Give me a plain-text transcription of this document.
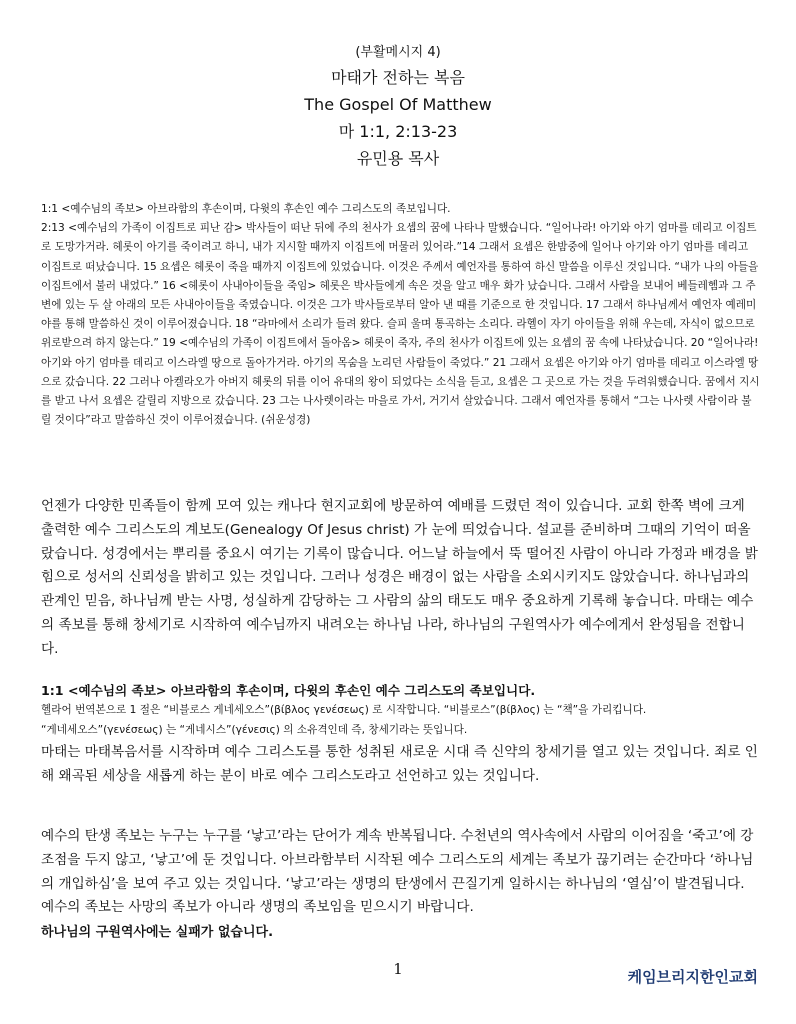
(부활메시지 4)
마태가 전하는 복음
The Gospel Of Matthew
마 1:1, 2:13-23
유민용 목사
1:1 <예수님의 족보> 아브라함의 후손이며, 다윗의 후손인 예수 그리스도의 족보입니다.
2:13 <예수님의 가족이 이집트로 피난 감> 박사들이 떠난 뒤에 주의 천사가 요셉의 꿈에 나타나 말했습니다. “일어나라! 아기와 아기 엄마를 데리고 이집트로 도망가거라. 헤롯이 아기를 죽이려고 하니, 내가 지시할 때까지 이집트에 머물러 있어라.”14 그래서 요셉은 한밤중에 일어나 아기와 아기 엄마를 데리고 이집트로 떠났습니다. 15 요셉은 헤롯이 죽을 때까지 이집트에 있었습니다. 이것은 주께서 예언자를 통하여 하신 말씀을 이루신 것입니다. “내가 나의 아들을 이집트에서 불러 내었다.” 16 <헤롯이 사내아이들을 죽임> 헤롯은 박사들에게 속은 것을 알고 매우 화가 났습니다. 그래서 사람을 보내어 베들레헴과 그 주변에 있는 두 살 아래의 모든 사내아이들을 죽였습니다. 이것은 그가 박사들로부터 알아 낸 때를 기준으로 한 것입니다. 17 그래서 하나님께서 예언자 예레미야를 통해 말씀하신 것이 이루어졌습니다. 18 “라마에서 소리가 들려 왔다. 슬피 울며 통곡하는 소리다. 라헬이 자기 아이들을 위해 우는데, 자식이 없으므로 위로받으려 하지 않는다.” 19 <예수님의 가족이 이집트에서 돌아옴> 헤롯이 죽자, 주의 천사가 이집트에 있는 요셉의 꿈 속에 나타났습니다. 20 “일어나라! 아기와 아기 엄마를 데리고 이스라엘 땅으로 돌아가거라. 아기의 목숨을 노리던 사람들이 죽었다.” 21 그래서 요셉은 아기와 아기 엄마를 데리고 이스라엘 땅으로 갔습니다. 22 그러나 아켈라오가 아버지 헤롯의 뒤를 이어 유대의 왕이 되었다는 소식을 듣고, 요셉은 그 곳으로 가는 것을 두려워했습니다. 꿈에서 지시를 받고 나서 요셉은 갈릴리 지방으로 갔습니다. 23 그는 나사렛이라는 마을로 가서, 거기서 살았습니다. 그래서 예언자를 통해서 “그는 나사렛 사람이라 불릴 것이다”라고 말씀하신 것이 이루어졌습니다. (쉬운성경)
언젠가 다양한 민족들이 함께 모여 있는 캐나다 현지교회에 방문하여 예배를 드렸던 적이 있습니다. 교회 한쪽 벽에 크게 출력한 예수 그리스도의 계보도(Genealogy Of Jesus christ) 가 눈에 띄었습니다. 설교를 준비하며 그때의 기억이 떠올랐습니다. 성경에서는 뿌리를 중요시 여기는 기록이 많습니다. 어느날 하늘에서 뚝 떨어진 사람이 아니라 가정과 배경을 밝힘으로 성서의 신뢰성을 밝히고 있는 것입니다. 그러나 성경은 배경이 없는 사람을 소외시키지도 않았습니다. 하나님과의 관계인 믿음, 하나님께 받는 사명, 성실하게 감당하는 그 사람의 삶의 태도도 매우 중요하게 기록해 놓습니다. 마태는 예수의 족보를 통해 창세기로 시작하여 예수님까지 내려오는 하나님 나라, 하나님의 구원역사가 예수에게서 완성됨을 전합니다.
1:1 <예수님의 족보> 아브라함의 후손이며, 다윗의 후손인 예수 그리스도의 족보입니다.
헬라어 번역본으로 1 절은 “비블로스 게네세오스”(βίβλος γενέσεως) 로 시작합니다. “비블로스”(βίβλος) 는 “책”을 가리킵니다.
“게네세오스”(γενέσεως) 는 “게네시스”(γένεσις) 의 소유격인데 즉, 창세기라는 뜻입니다.
마태는 마태복음서를 시작하며 예수 그리스도를 통한 성취된 새로운 시대 즉 신약의 창세기를 열고 있는 것입니다. 죄로 인해 왜곡된 세상을 새롭게 하는 분이 바로 예수 그리스도라고 선언하고 있는 것입니다.
예수의 탄생 족보는 누구는 누구를 ‘낳고’라는 단어가 계속 반복됩니다. 수천년의 역사속에서 사람의 이어짐을 ‘죽고’에 강조점을 두지 않고, ‘낳고’에 둔 것입니다. 아브라함부터 시작된 예수 그리스도의 세계는 족보가 끊기려는 순간마다 ‘하나님의 개입하심’을 보여 주고 있는 것입니다. ‘낳고’라는 생명의 탄생에서 끈질기게 일하시는 하나님의 ‘열심’이 발견됩니다. 예수의 족보는 사망의 족보가 아니라 생명의 족보임을 믿으시기 바랍니다.
하나님의 구원역사에는 실패가 없습니다.
1	케임브리지한인교회
